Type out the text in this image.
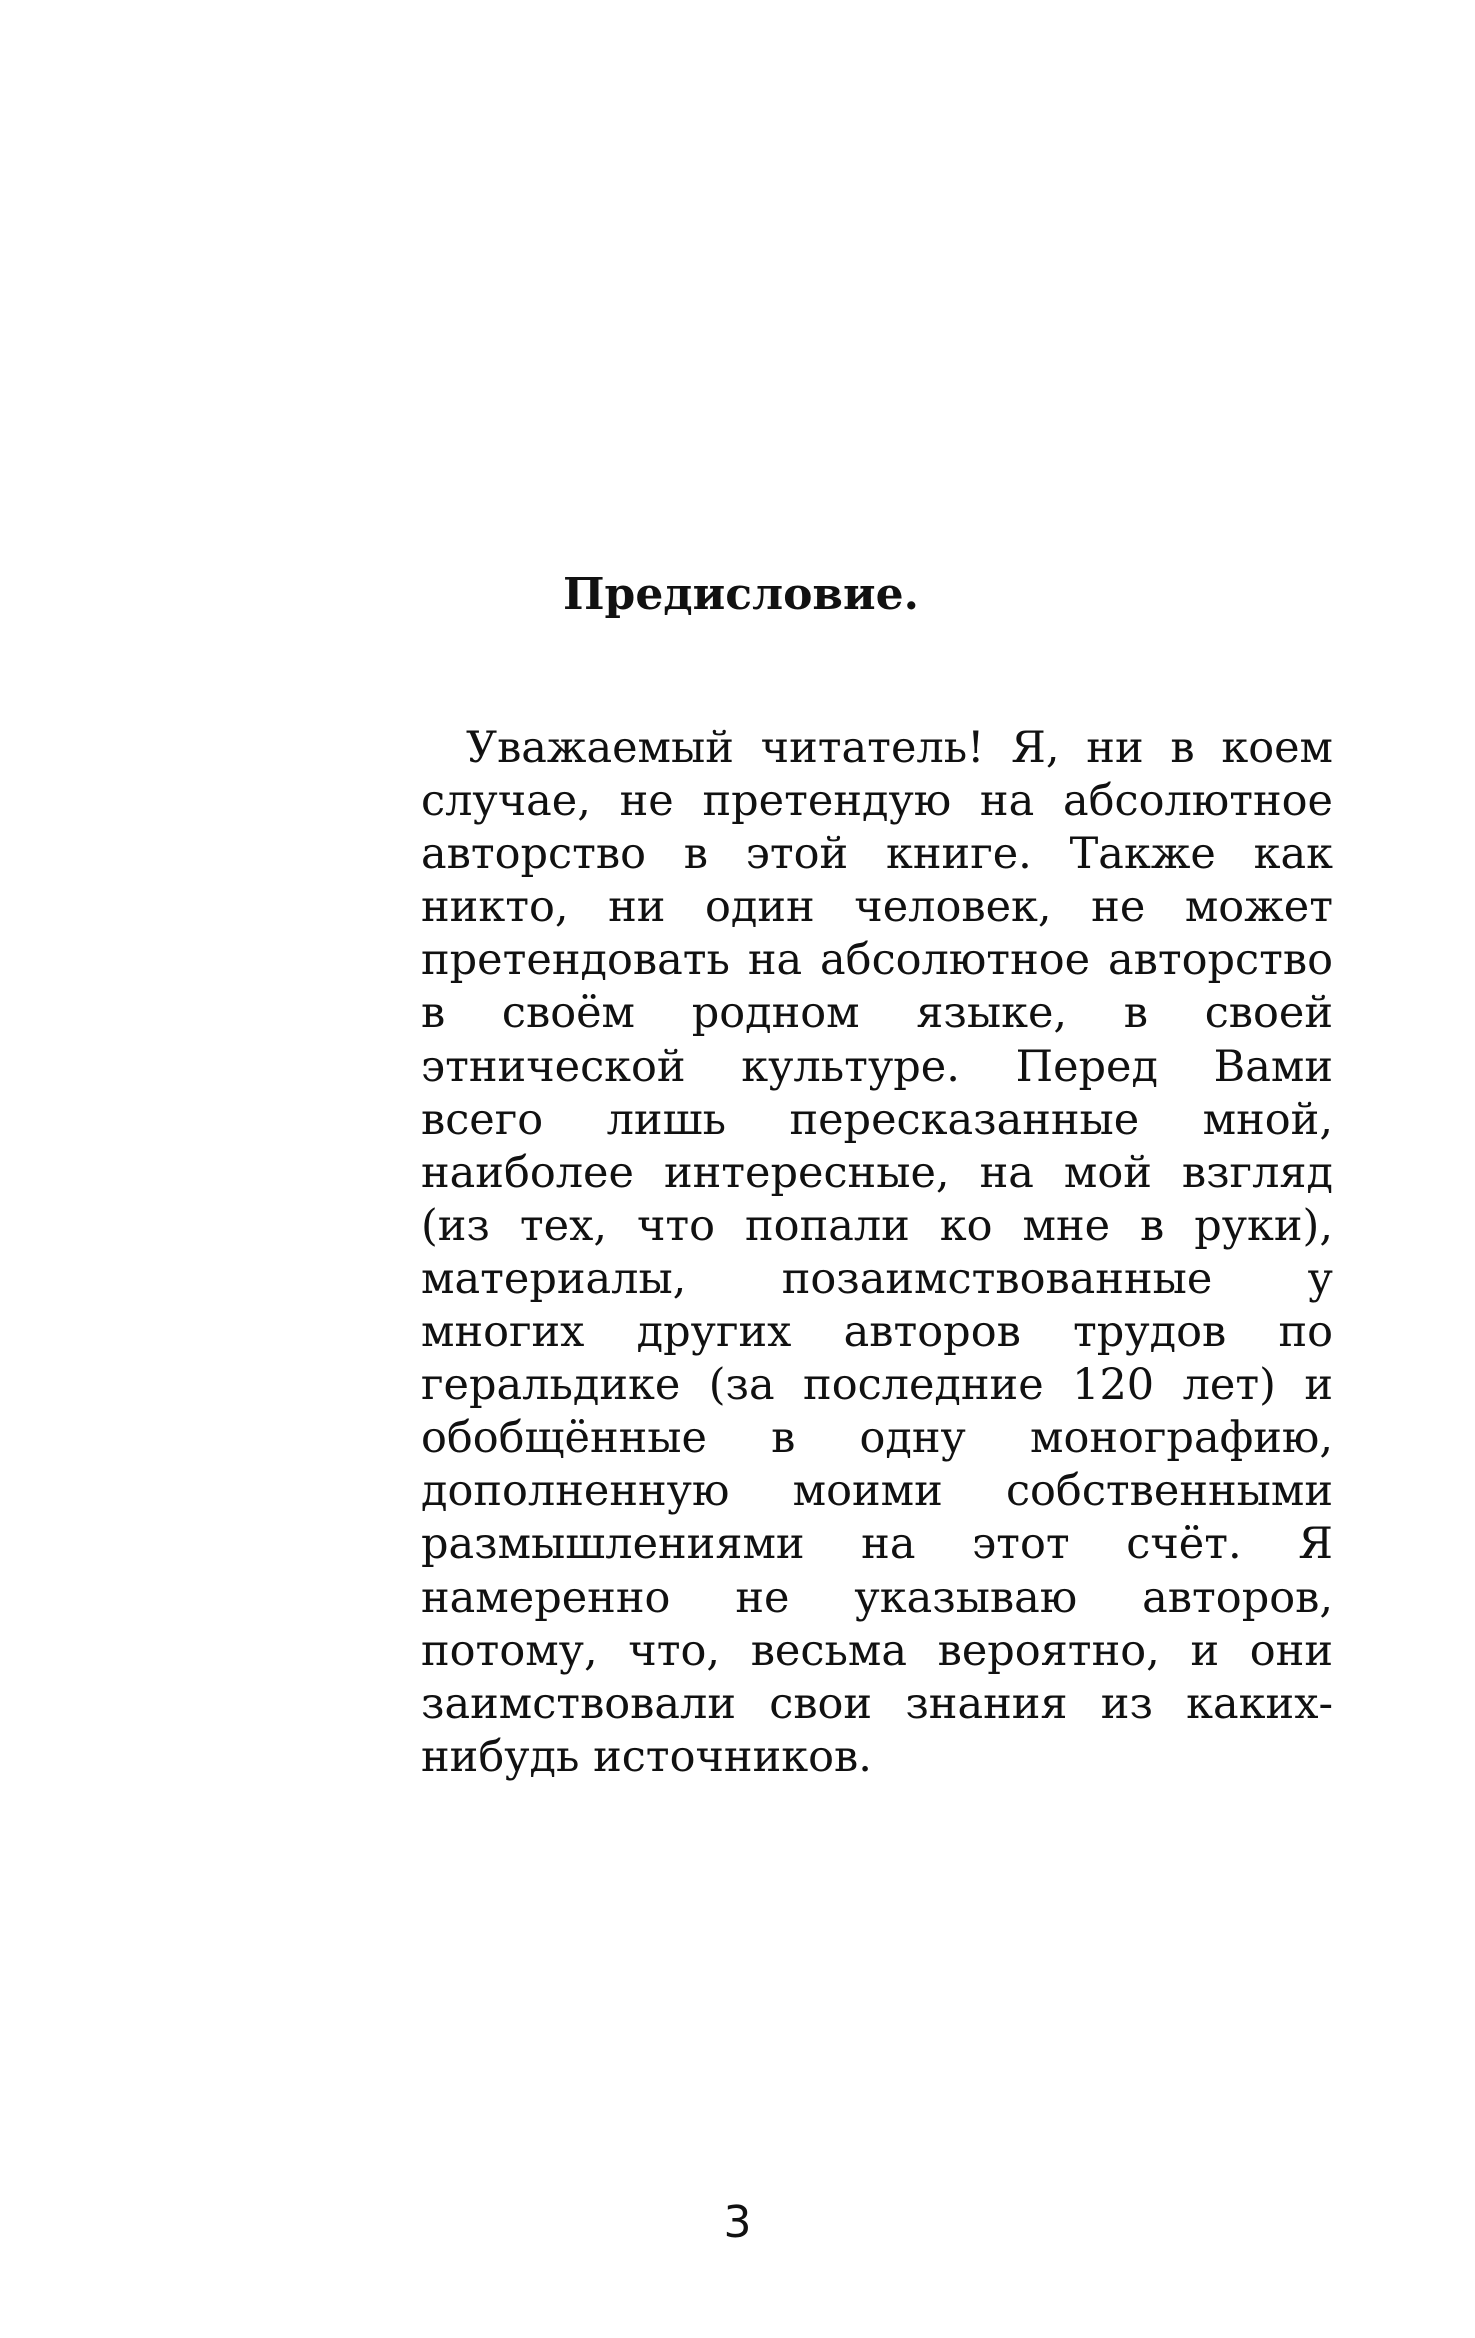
Предисловие.
Уважаемый читатель! Я, ни в коем
случае, не претендую на абсолютное
авторство в этой книге. Также как
никто, ни один человек, не может
претендовать на абсолютное авторство
в своём родном языке, в своей
этнической культуре. Перед Вами
всего лишь пересказанные мной,
наиболее интересные, на мой взгляд
(из тех, что попали ко мне в руки),
материалы, позаимствованные у
многих других авторов трудов по
геральдике (за последние 120 лет) и
обобщённые в одну монографию,
дополненную моими собственными
размышлениями на этот счёт. Я
намеренно не указываю авторов,
потому, что, весьма вероятно, и они
заимствовали свои знания из каких-
нибудь источников.
3
